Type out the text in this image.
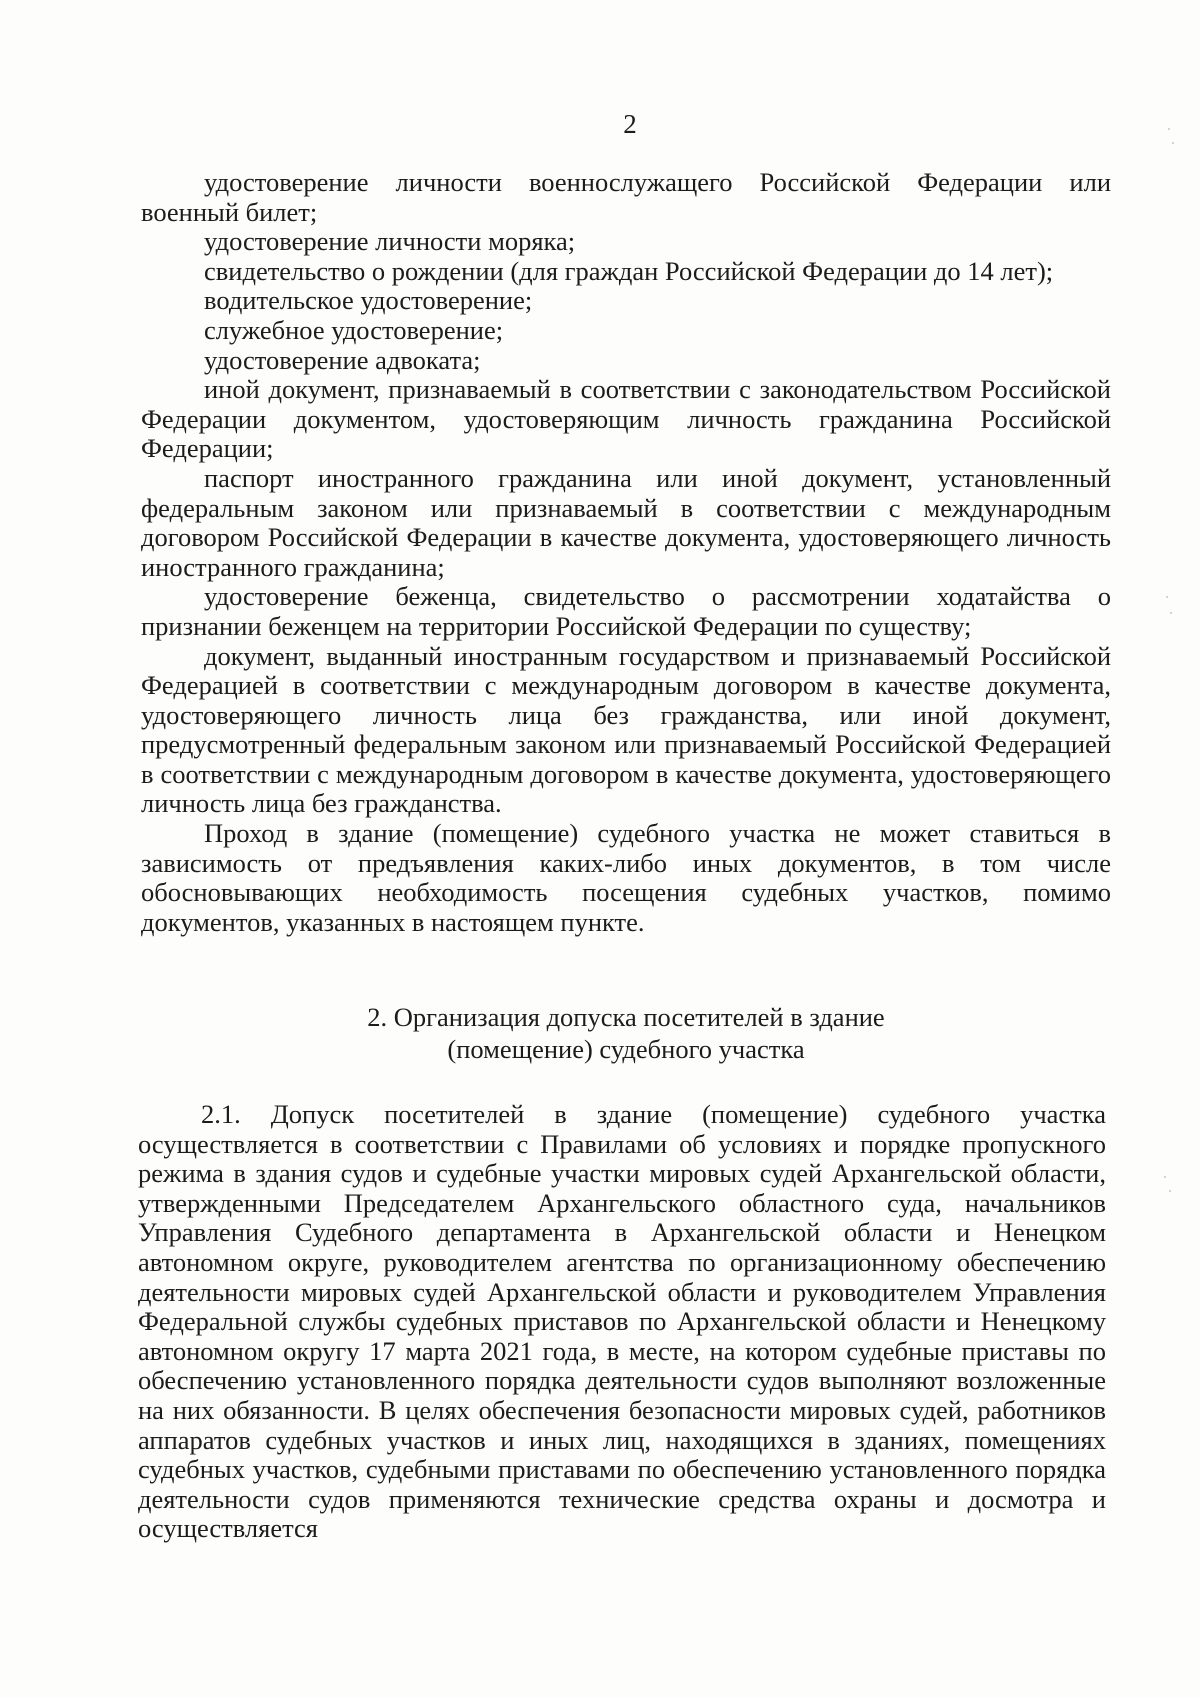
2

удостоверение личности военнослужащего Российской Федерации или военный билет;

удостоверение личности моряка;

свидетельство о рождении (для граждан Российской Федерации до 14 лет);

водительское удостоверение;

служебное удостоверение;

удостоверение адвоката;

иной документ, признаваемый в соответствии с законодательством Российской Федерации документом, удостоверяющим личность гражданина Российской Федерации;

паспорт иностранного гражданина или иной документ, установленный федеральным законом или признаваемый в соответствии с международным договором Российской Федерации в качестве документа, удостоверяющего личность иностранного гражданина;

удостоверение беженца, свидетельство о рассмотрении ходатайства о признании беженцем на территории Российской Федерации по существу;

документ, выданный иностранным государством и признаваемый Российской Федерацией в соответствии с международным договором в качестве документа, удостоверяющего личность лица без гражданства, или иной документ, предусмотренный федеральным законом или признаваемый Российской Федерацией в соответствии с международным договором в качестве документа, удостоверяющего личность лица без гражданства.

Проход в здание (помещение) судебного участка не может ставиться в зависимость от предъявления каких-либо иных документов, в том числе обосновывающих необходимость посещения судебных участков, помимо документов, указанных в настоящем пункте.

2. Организация допуска посетителей в здание
(помещение) судебного участка

2.1. Допуск посетителей в здание (помещение) судебного участка осуществляется в соответствии с Правилами об условиях и порядке пропускного режима в здания судов и судебные участки мировых судей Архангельской области, утвержденными Председателем Архангельского областного суда, начальников Управления Судебного департамента в Архангельской области и Ненецком автономном округе, руководителем агентства по организационному обеспечению деятельности мировых судей Архангельской области и руководителем Управления Федеральной службы судебных приставов по Архангельской области и Ненецкому автономном округу 17 марта 2021 года, в месте, на котором судебные приставы по обеспечению установленного порядка деятельности судов выполняют возложенные на них обязанности. В целях обеспечения безопасности мировых судей, работников аппаратов судебных участков и иных лиц, находящихся в зданиях, помещениях судебных участков, судебными приставами по обеспечению установленного порядка деятельности судов применяются технические средства охраны и досмотра и осуществляется
